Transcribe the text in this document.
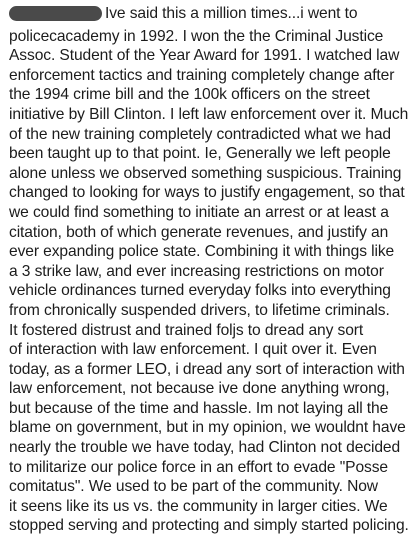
Ive said this a million times...i went to
policecacademy in 1992. I won the the Criminal Justice
Assoc. Student of the Year Award for 1991. I watched law
enforcement tactics and training completely change after
the 1994 crime bill and the 100k officers on the street
initiative by Bill Clinton. I left law enforcement over it. Much
of the new training completely contradicted what we had
been taught up to that point. Ie, Generally we left people
alone unless we observed something suspicious. Training
changed to looking for ways to justify engagement, so that
we could find something to initiate an arrest or at least a
citation, both of which generate revenues, and justify an
ever expanding police state. Combining it with things like
a 3 strike law, and ever increasing restrictions on motor
vehicle ordinances turned everyday folks into everything
from chronically suspended drivers, to lifetime criminals.
It fostered distrust and trained foljs to dread any sort
of interaction with law enforcement. I quit over it. Even
today, as a former LEO, i dread any sort of interaction with
law enforcement, not because ive done anything wrong,
but because of the time and hassle. Im not laying all the
blame on government, but in my opinion, we wouldnt have
nearly the trouble we have today, had Clinton not decided
to militarize our police force in an effort to evade "Posse
comitatus". We used to be part of the community. Now
it seens like its us vs. the community in larger cities. We
stopped serving and protecting and simply started policing.
